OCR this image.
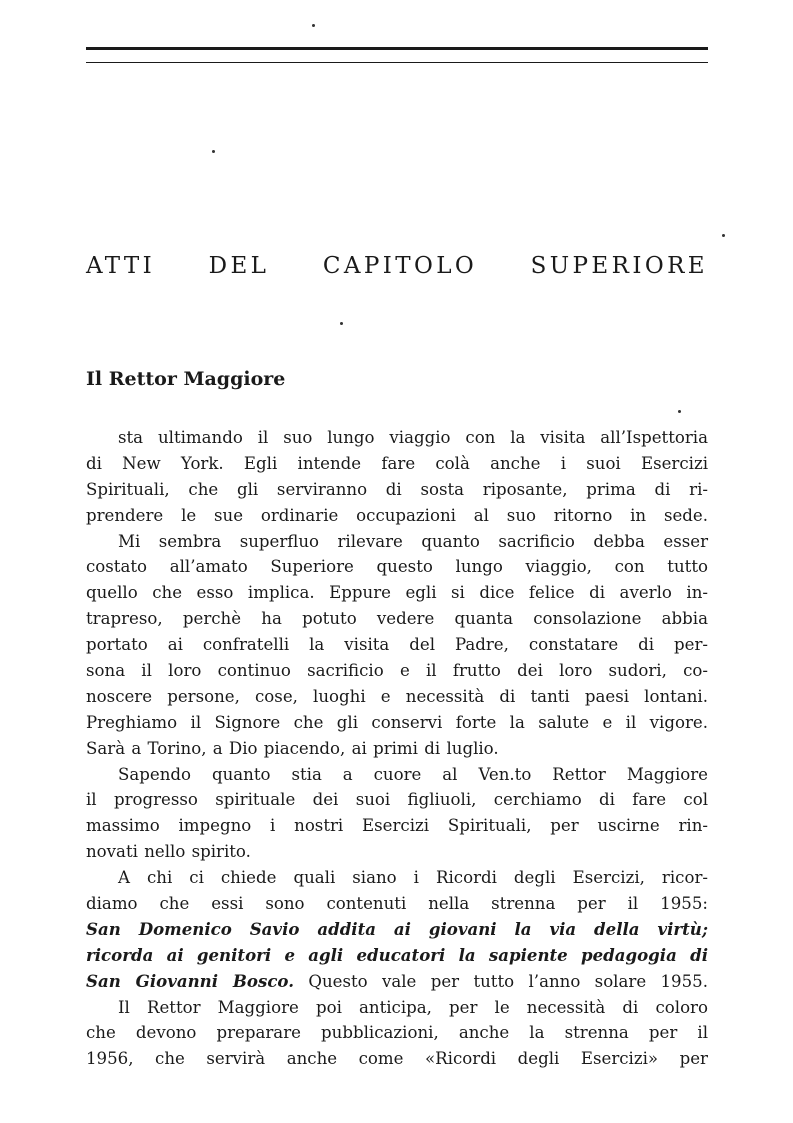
ATTI DEL CAPITOLO SUPERIORE
Il Rettor Maggiore
sta ultimando il suo lungo viaggio con la visita all’Ispettoria
di New York. Egli intende fare colà anche i suoi Esercizi
Spirituali, che gli serviranno di sosta riposante, prima di ri-
prendere le sue ordinarie occupazioni al suo ritorno in sede.
Mi sembra superfluo rilevare quanto sacrificio debba esser
costato all’amato Superiore questo lungo viaggio, con tutto
quello che esso implica. Eppure egli si dice felice di averlo in-
trapreso, perchè ha potuto vedere quanta consolazione abbia
portato ai confratelli la visita del Padre, constatare di per-
sona il loro continuo sacrificio e il frutto dei loro sudori, co-
noscere persone, cose, luoghi e necessità di tanti paesi lontani.
Preghiamo il Signore che gli conservi forte la salute e il vigore.
Sarà a Torino, a Dio piacendo, ai primi di luglio.
Sapendo quanto stia a cuore al Ven.to Rettor Maggiore
il progresso spirituale dei suoi figliuoli, cerchiamo di fare col
massimo impegno i nostri Esercizi Spirituali, per uscirne rin-
novati nello spirito.
A chi ci chiede quali siano i Ricordi degli Esercizi, ricor-
diamo che essi sono contenuti nella strenna per il 1955:
San Domenico Savio addita ai giovani la via della virtù;
ricorda ai genitori e agli educatori la sapiente pedagogia di
San Giovanni Bosco. Questo vale per tutto l’anno solare 1955.
Il Rettor Maggiore poi anticipa, per le necessità di coloro
che devono preparare pubblicazioni, anche la strenna per il
1956, che servirà anche come «Ricordi degli Esercizi» per
